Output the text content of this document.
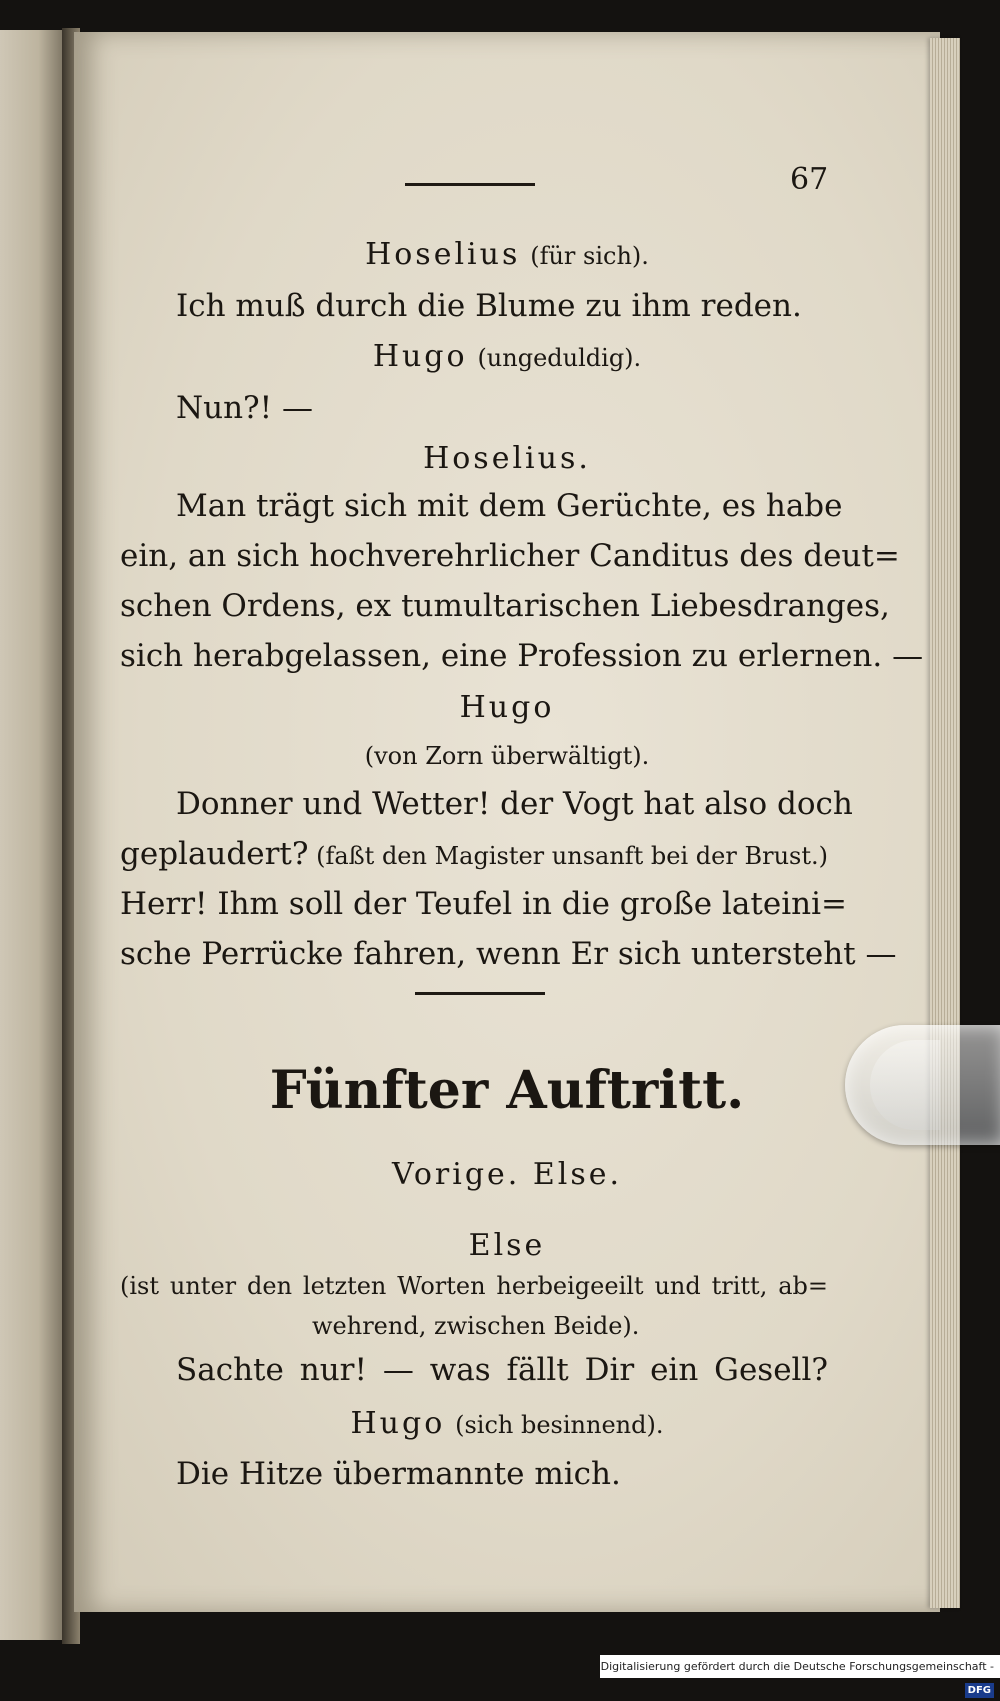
67
Hoselius (für sich).
Ich muß durch die Blume zu ihm reden.
Hugo (ungeduldig).
Nun?! —
Hoselius.
Man trägt sich mit dem Gerüchte, es habe
ein, an sich hochverehrlicher Canditus des deut=
schen Ordens, ex tumultarischen Liebesdranges,
sich herabgelassen, eine Profession zu erlernen. —
Hugo
(von Zorn überwältigt).
Donner und Wetter! der Vogt hat also doch
geplaudert? (faßt den Magister unsanft bei der Brust.)
Herr! Ihm soll der Teufel in die große lateini=
sche Perrücke fahren, wenn Er sich untersteht —
Fünfter Auftritt.
Vorige. Else.
Else
(ist unter den letzten Worten herbeigeeilt und tritt, ab=
wehrend, zwischen Beide).
Sachte nur! — was fällt Dir ein Gesell?
Hugo (sich besinnend).
Die Hitze übermannte mich.
Digitalisierung gefördert durch die Deutsche Forschungsgemeinschaft -DFG
